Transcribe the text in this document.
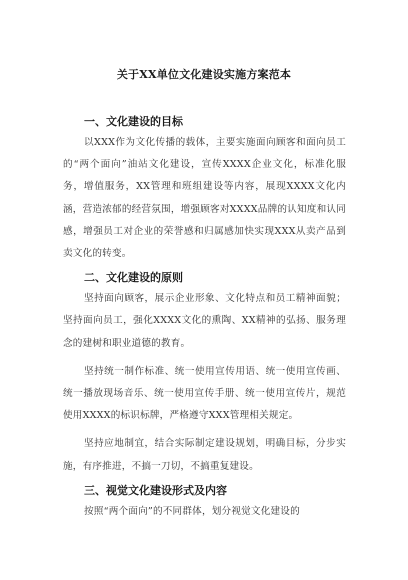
关于XX单位文化建设实施方案范本
一、文化建设的目标

以XXX作为文化传播的载体，主要实施面向顾客和面向员工的“两个面向”油站文化建设，宣传XXXX企业文化，标准化服务，增值服务，XX管理和班组建设等内容，展现XXXX文化内涵，营造浓郁的经营氛围，增强顾客对XXXX品牌的认知度和认同感，增强员工对企业的荣誉感和归属感加快实现XXX从卖产品到卖文化的转变。

二、文化建设的原则

坚持面向顾客，展示企业形象、文化特点和员工精神面貌；坚持面向员工，强化XXXX文化的熏陶、XX精神的弘扬、服务理念的建树和职业道德的教育。

坚持统一制作标准、统一使用宣传用语、统一使用宣传画、统一播放现场音乐、统一使用宣传手册、统一使用宣传片，规范使用XXXX的标识标牌，严格遵守XXX管理相关规定。

坚持应地制宜，结合实际制定建设规划，明确目标，分步实施，有序推进，不搞一刀切，不搞重复建设。

三、视觉文化建设形式及内容

按照“两个面向”的不同群体，划分视觉文化建设的
